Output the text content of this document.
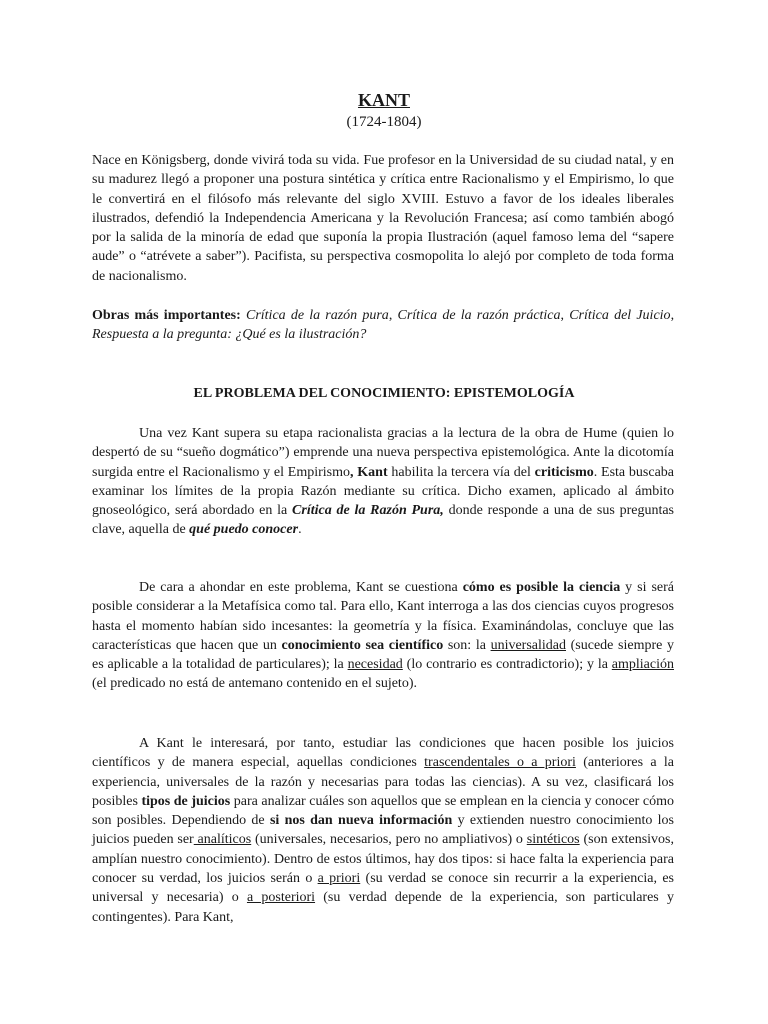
KANT
(1724-1804)

Nace en Königsberg, donde vivirá toda su vida. Fue profesor en la Universidad de su ciudad natal, y en su madurez llegó a proponer una postura sintética y crítica entre Racionalismo y el Empirismo, lo que le convertirá en el filósofo más relevante del siglo XVIII. Estuvo a favor de los ideales liberales ilustrados, defendió la Independencia Americana y la Revolución Francesa; así como también abogó por la salida de la minoría de edad que suponía la propia Ilustración (aquel famoso lema del “sapere aude” o “atrévete a saber”). Pacifista, su perspectiva cosmopolita lo alejó por completo de toda forma de nacionalismo.

Obras más importantes: Crítica de la razón pura, Crítica de la razón práctica, Crítica del Juicio, Respuesta a la pregunta: ¿Qué es la ilustración?

EL PROBLEMA DEL CONOCIMIENTO: EPISTEMOLOGÍA

Una vez Kant supera su etapa racionalista gracias a la lectura de la obra de Hume (quien lo despertó de su “sueño dogmático”) emprende una nueva perspectiva epistemológica. Ante la dicotomía surgida entre el Racionalismo y el Empirismo, Kant habilita la tercera vía del criticismo. Esta buscaba examinar los límites de la propia Razón mediante su crítica. Dicho examen, aplicado al ámbito gnoseológico, será abordado en la Crítica de la Razón Pura, donde responde a una de sus preguntas clave, aquella de qué puedo conocer.

De cara a ahondar en este problema, Kant se cuestiona cómo es posible la ciencia y si será posible considerar a la Metafísica como tal. Para ello, Kant interroga a las dos ciencias cuyos progresos hasta el momento habían sido incesantes: la geometría y la física. Examinándolas, concluye que las características que hacen que un conocimiento sea científico son: la universalidad (sucede siempre y es aplicable a la totalidad de particulares); la necesidad (lo contrario es contradictorio); y la ampliación (el predicado no está de antemano contenido en el sujeto).

A Kant le interesará, por tanto, estudiar las condiciones que hacen posible los juicios científicos y de manera especial, aquellas condiciones trascendentales o a priori (anteriores a la experiencia, universales de la razón y necesarias para todas las ciencias). A su vez, clasificará los posibles tipos de juicios para analizar cuáles son aquellos que se emplean en la ciencia y conocer cómo son posibles. Dependiendo de si nos dan nueva información y extienden nuestro conocimiento los juicios pueden ser analíticos (universales, necesarios, pero no ampliativos) o sintéticos (son extensivos, amplían nuestro conocimiento). Dentro de estos últimos, hay dos tipos: si hace falta la experiencia para conocer su verdad, los juicios serán o a priori (su verdad se conoce sin recurrir a la experiencia, es universal y necesaria) o a posteriori (su verdad depende de la experiencia, son particulares y contingentes). Para Kant,
